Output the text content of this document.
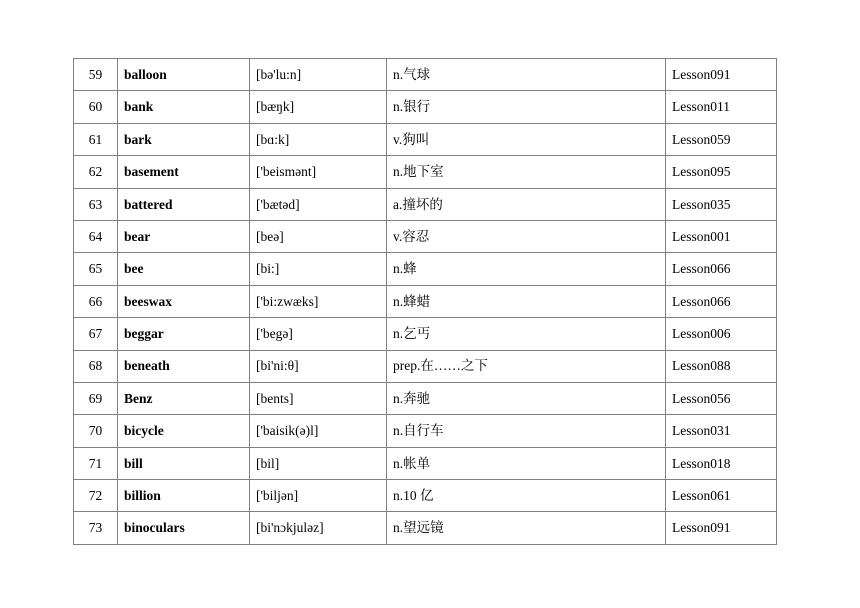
59	balloon	[bə'lu:n]	n.气球	Lesson091
60	bank	[bæŋk]	n.银行	Lesson011
61	bark	[bɑ:k]	v.狗叫	Lesson059
62	basement	['beismənt]	n.地下室	Lesson095
63	battered	['bætəd]	a.撞坏的	Lesson035
64	bear	[beə]	v.容忍	Lesson001
65	bee	[bi:]	n.蜂	Lesson066
66	beeswax	['bi:zwæks]	n.蜂蜡	Lesson066
67	beggar	['begə]	n.乞丐	Lesson006
68	beneath	[bi'ni:θ]	prep.在……之下	Lesson088
69	Benz	[bents]	n.奔驰	Lesson056
70	bicycle	['baisik(ə)l]	n.自行车	Lesson031
71	bill	[bil]	n.帐单	Lesson018
72	billion	['biljən]	n.10 亿	Lesson061
73	binoculars	[bi'nɔkjuləz]	n.望远镜	Lesson091
